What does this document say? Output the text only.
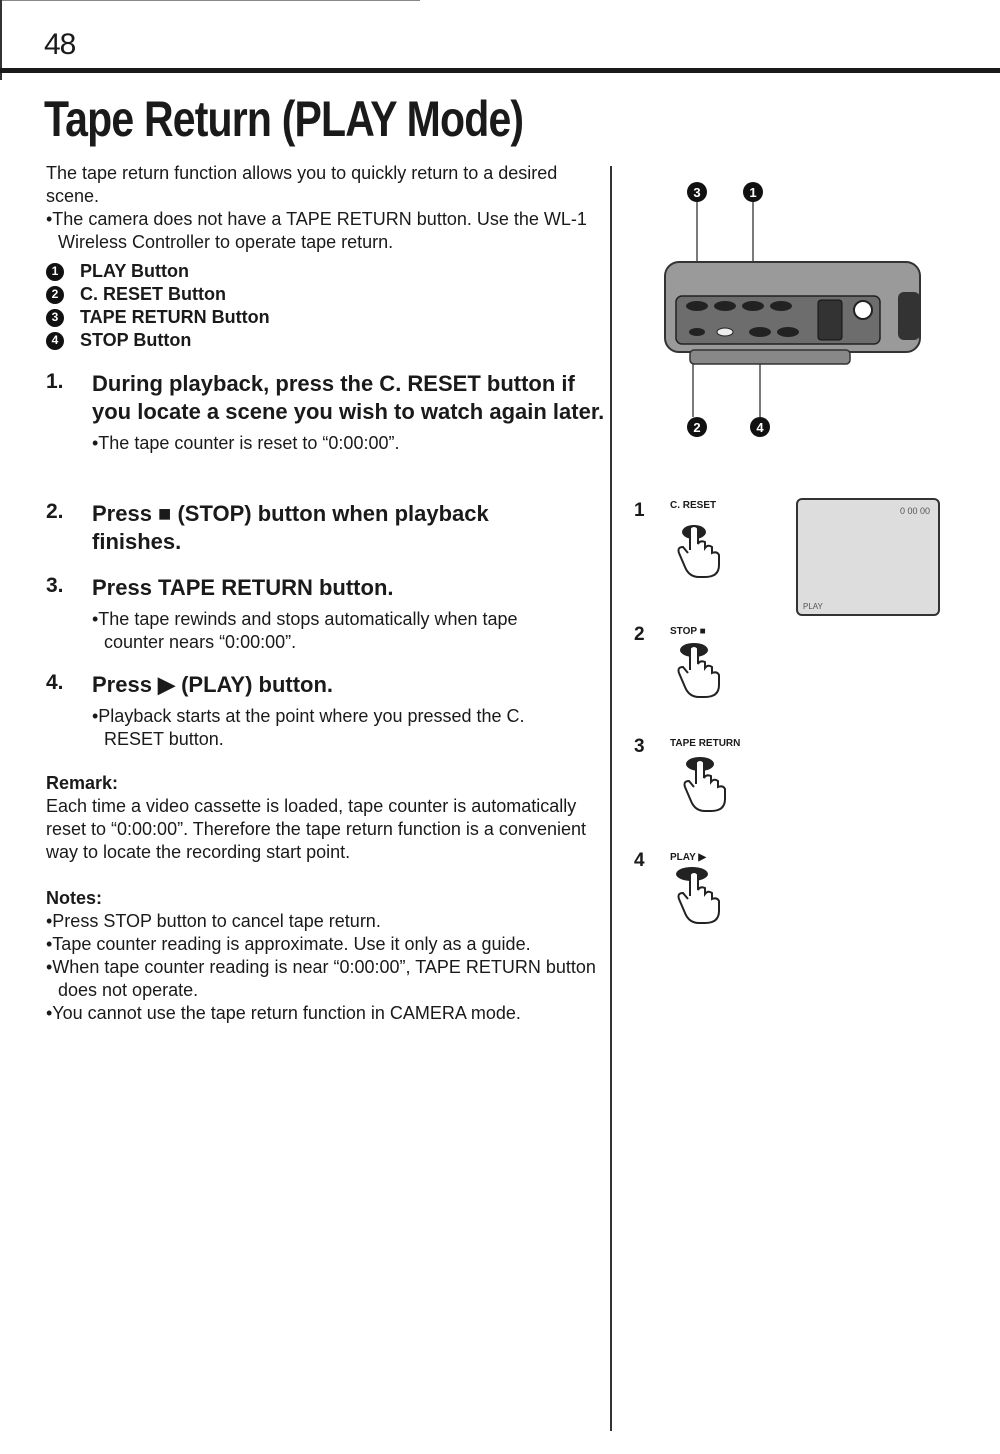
48
Tape Return (PLAY Mode)

The tape return function allows you to quickly return to a desired scene.

•The camera does not have a TAPE RETURN button. Use the WL-1 Wireless Controller to operate tape return.

1	PLAY Button
2	C. RESET Button
3	TAPE RETURN Button
4	STOP Button
1. During playback, press the C. RESET button if you locate a scene you wish to watch again later.
•The tape counter is reset to “0:00:00”.
2. Press ■ (STOP) button when playback finishes.
3. Press TAPE RETURN button.
•The tape rewinds and stops automatically when tape counter nears “0:00:00”.
4. Press ▶ (PLAY) button.
•Playback starts at the point where you pressed the C. RESET button.
Remark:
Each time a video cassette is loaded, tape counter is automatically reset to “0:00:00”. Therefore the tape return function is a convenient way to locate the recording start point.
Notes:
•Press STOP button to cancel tape return.
•Tape counter reading is approximate. Use it only as a guide.
•When tape counter reading is near “0:00:00”, TAPE RETURN button does not operate.
•You cannot use the tape return function in CAMERA mode.
3	1
2	4
1	C. RESET
2	STOP ■
3	TAPE RETURN
4	PLAY ▶
0 00 00
PLAY
